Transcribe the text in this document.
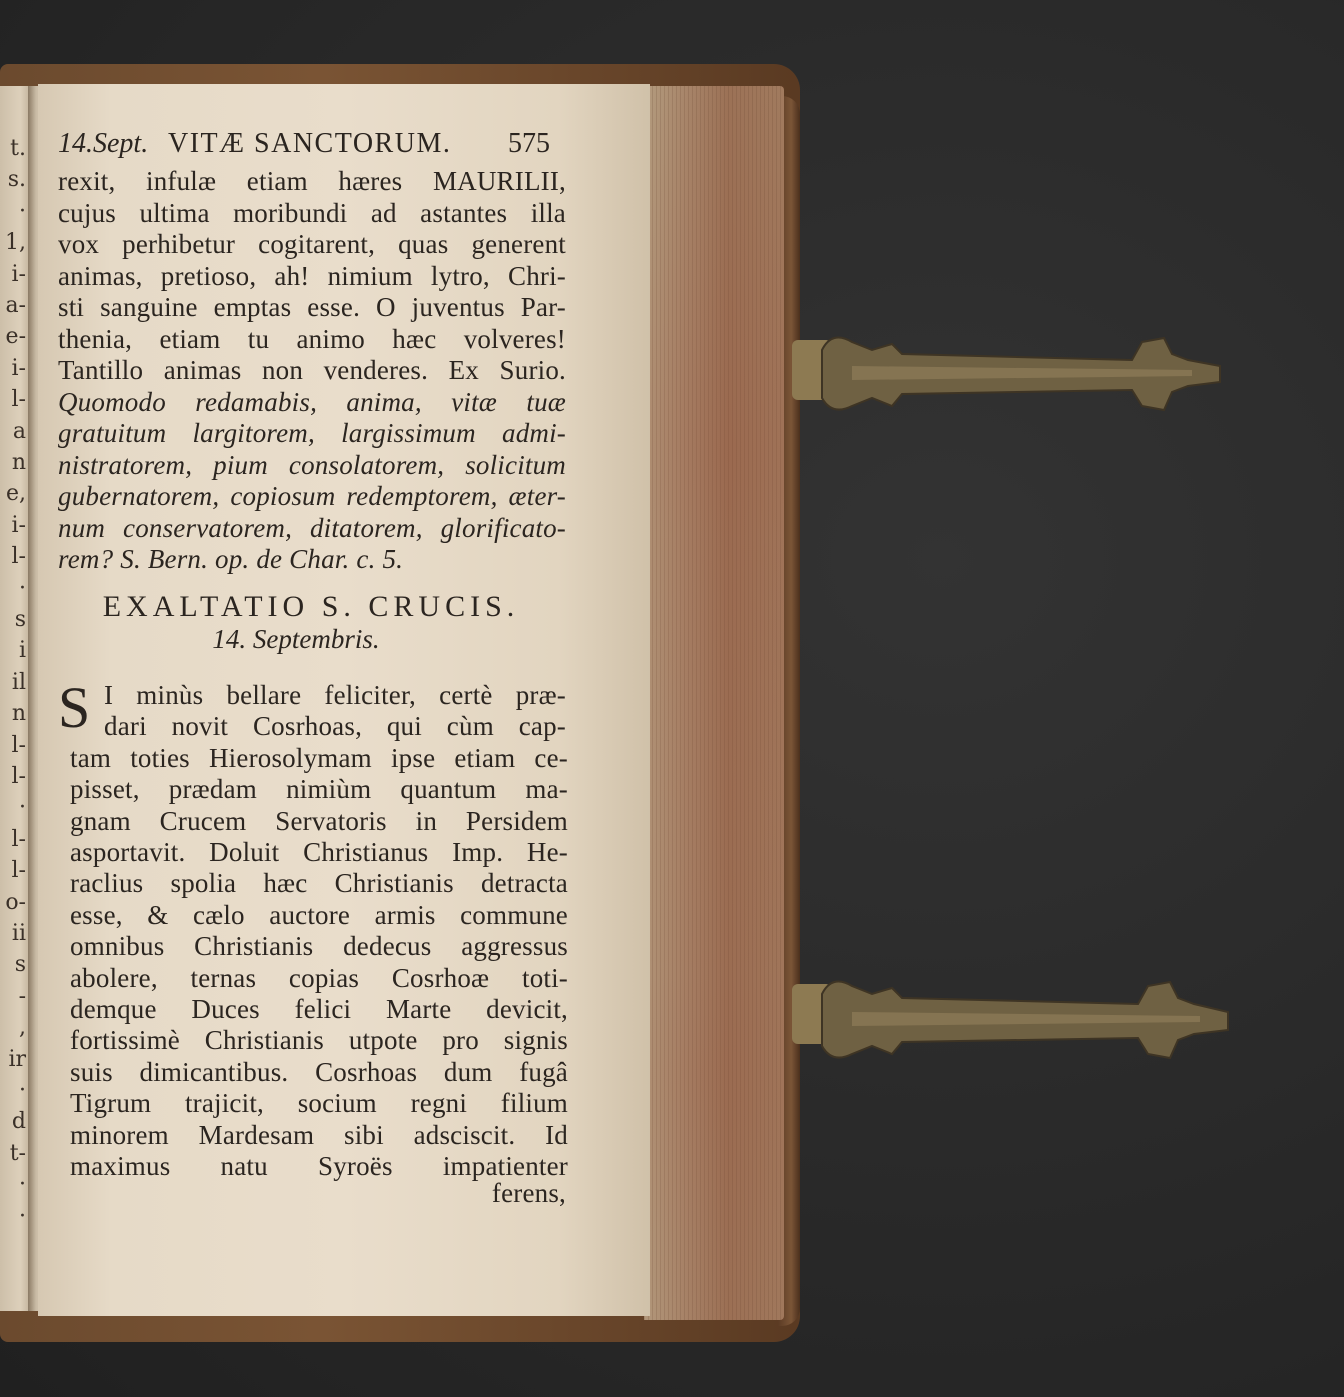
t.
s.
·
1,
i-
a-
e-
i-
l-
a
n
e,
i-
l-
·
s
i
il
n
l-
l-
·
l-
l-
o-
ii
s
-
,
ir
·
d
t-
·
·
14.Sept. VITÆ SANCTORUM. 575
rexit, infulæ etiam hæres MAURILII,
cujus ultima moribundi ad astantes illa
vox perhibetur cogitarent, quas generent
animas, pretioso, ah! nimium lytro, Chri-
sti sanguine emptas esse. O juventus Par-
thenia, etiam tu animo hæc volveres!
Tantillo animas non venderes. Ex Surio.
Quomodo redamabis, anima, vitæ tuæ
gratuitum largitorem, largissimum admi-
nistratorem, pium consolatorem, solicitum
gubernatorem, copiosum redemptorem, æter-
num conservatorem, ditatorem, glorificato-
rem? S. Bern. op. de Char. c. 5.
EXALTATIO S. CRUCIS.
14. Septembris.
S I minùs bellare feliciter, certè præ-
dari novit Cosrhoas, qui cùm cap-
tam toties Hierosolymam ipse etiam ce-
pisset, prædam nimiùm quantum ma-
gnam Crucem Servatoris in Persidem
asportavit. Doluit Christianus Imp. He-
raclius spolia hæc Christianis detracta
esse, & cælo auctore armis commune
omnibus Christianis dedecus aggressus
abolere, ternas copias Cosrhoæ toti-
demque Duces felici Marte devicit,
fortissimè Christianis utpote pro signis
suis dimicantibus. Cosrhoas dum fugâ
Tigrum trajicit, socium regni filium
minorem Mardesam sibi adsciscit. Id
maximus natu Syroës impatienter
ferens,
